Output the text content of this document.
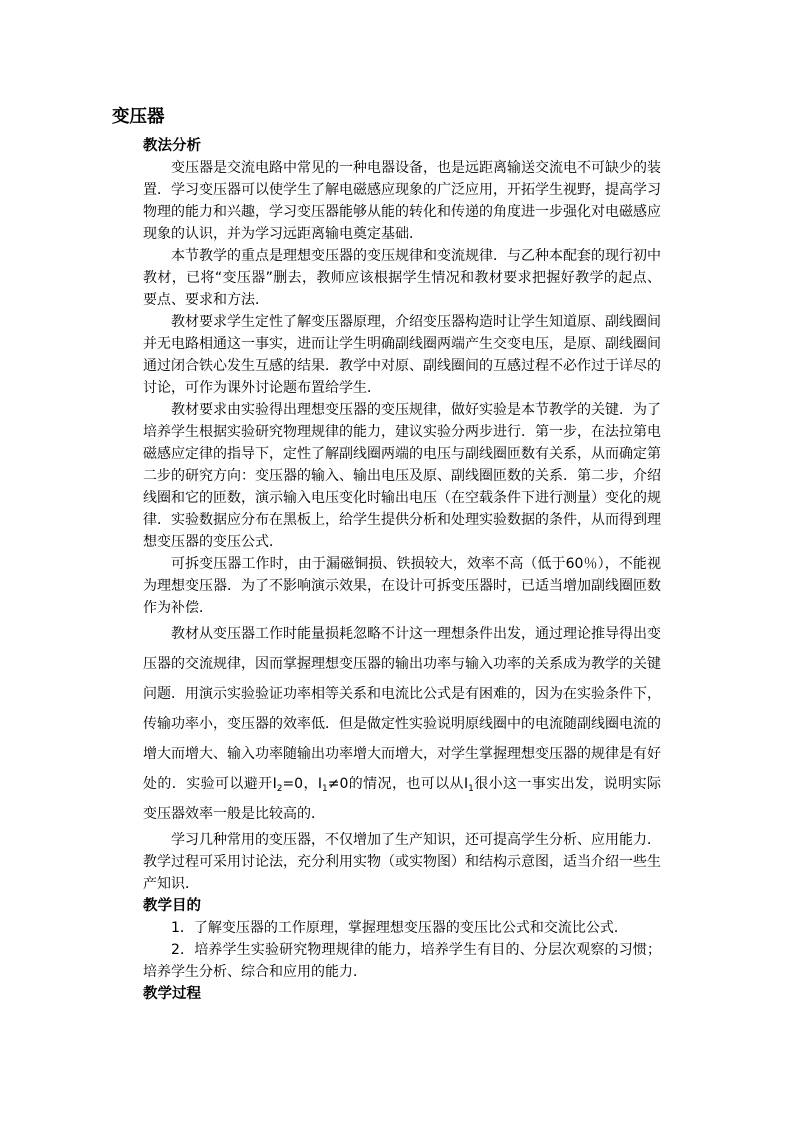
变压器
教法分析

变压器是交流电路中常见的一种电器设备，也是远距离输送交流电不可缺少的装置．学习变压器可以使学生了解电磁感应现象的广泛应用，开拓学生视野，提高学习物理的能力和兴趣，学习变压器能够从能的转化和传递的角度进一步强化对电磁感应现象的认识，并为学习远距离输电奠定基础．

本节教学的重点是理想变压器的变压规律和变流规律．与乙种本配套的现行初中教材，已将“变压器”删去，教师应该根据学生情况和教材要求把握好教学的起点、要点、要求和方法．

教材要求学生定性了解变压器原理，介绍变压器构造时让学生知道原、副线圈间并无电路相通这一事实，进而让学生明确副线圈两端产生交变电压，是原、副线圈间通过闭合铁心发生互感的结果．教学中对原、副线圈间的互感过程不必作过于详尽的讨论，可作为课外讨论题布置给学生．

教材要求由实验得出理想变压器的变压规律，做好实验是本节教学的关键．为了培养学生根据实验研究物理规律的能力，建议实验分两步进行．第一步，在法拉第电磁感应定律的指导下，定性了解副线圈两端的电压与副线圈匝数有关系，从而确定第二步的研究方向：变压器的输入、输出电压及原、副线圈匝数的关系．第二步，介绍线圈和它的匝数，演示输入电压变化时输出电压（在空载条件下进行测量）变化的规律．实验数据应分布在黑板上，给学生提供分析和处理实验数据的条件，从而得到理想变压器的变压公式．

可拆变压器工作时，由于漏磁铜损、铁损较大，效率不高（低于60％），不能视为理想变压器．为了不影响演示效果，在设计可拆变压器时，已适当增加副线圈匝数作为补偿．

教材从变压器工作时能量损耗忽略不计这一理想条件出发，通过理论推导得出变压器的交流规律，因而掌握理想变压器的输出功率与输入功率的关系成为教学的关键问题．用演示实验验证功率相等关系和电流比公式是有困难的，因为在实验条件下，传输功率小，变压器的效率低．但是做定性实验说明原线圈中的电流随副线圈电流的增大而增大、输入功率随输出功率增大而增大，对学生掌握理想变压器的规律是有好处的．实验可以避开$I_2=0$，$I_1\ne 0$的情况，也可以从$I_1$很小这一事实出发，说明实际变压器效率一般是比较高的．

学习几种常用的变压器，不仅增加了生产知识，还可提高学生分析、应用能力．教学过程可采用讨论法，充分利用实物（或实物图）和结构示意图，适当介绍一些生产知识．

教学目的

1．了解变压器的工作原理，掌握理想变压器的变压比公式和交流比公式．

2．培养学生实验研究物理规律的能力，培养学生有目的、分层次观察的习惯；培养学生分析、综合和应用的能力．

教学过程
